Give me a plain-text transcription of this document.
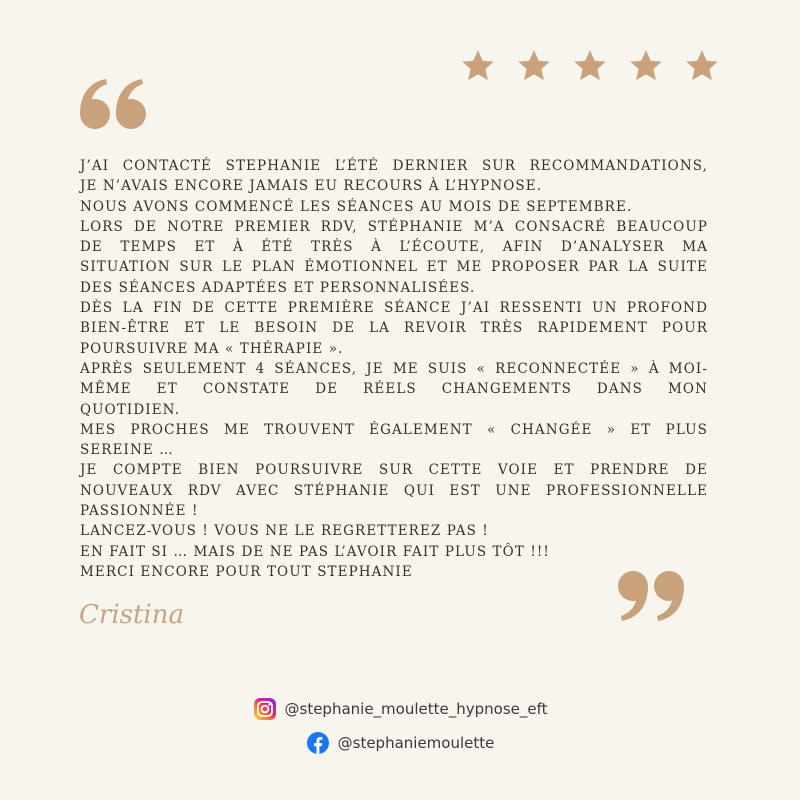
J’AI CONTACTÉ STEPHANIE L’ÉTÉ DERNIER SUR RECOMMANDATIONS,
JE N’AVAIS ENCORE JAMAIS EU RECOURS À L’HYPNOSE.
NOUS AVONS COMMENCÉ LES SÉANCES AU MOIS DE SEPTEMBRE.
LORS DE NOTRE PREMIER RDV, STÉPHANIE M’A CONSACRÉ BEAUCOUP
DE TEMPS ET À ÉTÉ TRÈS À L’ÉCOUTE, AFIN D’ANALYSER MA
SITUATION SUR LE PLAN ÉMOTIONNEL ET ME PROPOSER PAR LA SUITE
DES SÉANCES ADAPTÉES ET PERSONNALISÉES.
DÈS LA FIN DE CETTE PREMIÈRE SÉANCE J’AI RESSENTI UN PROFOND
BIEN-ÊTRE ET LE BESOIN DE LA REVOIR TRÈS RAPIDEMENT POUR
POURSUIVRE MA « THÉRAPIE ».
APRÈS SEULEMENT 4 SÉANCES, JE ME SUIS « RECONNECTÉE » À MOI-
MÊME ET CONSTATE DE RÉELS CHANGEMENTS DANS MON
QUOTIDIEN.
MES PROCHES ME TROUVENT ÉGALEMENT « CHANGÉE » ET PLUS
SEREINE …
JE COMPTE BIEN POURSUIVRE SUR CETTE VOIE ET PRENDRE DE
NOUVEAUX RDV AVEC STÉPHANIE QUI EST UNE PROFESSIONNELLE
PASSIONNÉE !
LANCEZ-VOUS ! VOUS NE LE REGRETTEREZ PAS !
EN FAIT SI … MAIS DE NE PAS L’AVOIR FAIT PLUS TÔT !!!
MERCI ENCORE POUR TOUT STEPHANIE
Cristina
@stephanie_moulette_hypnose_eft
@stephaniemoulette
